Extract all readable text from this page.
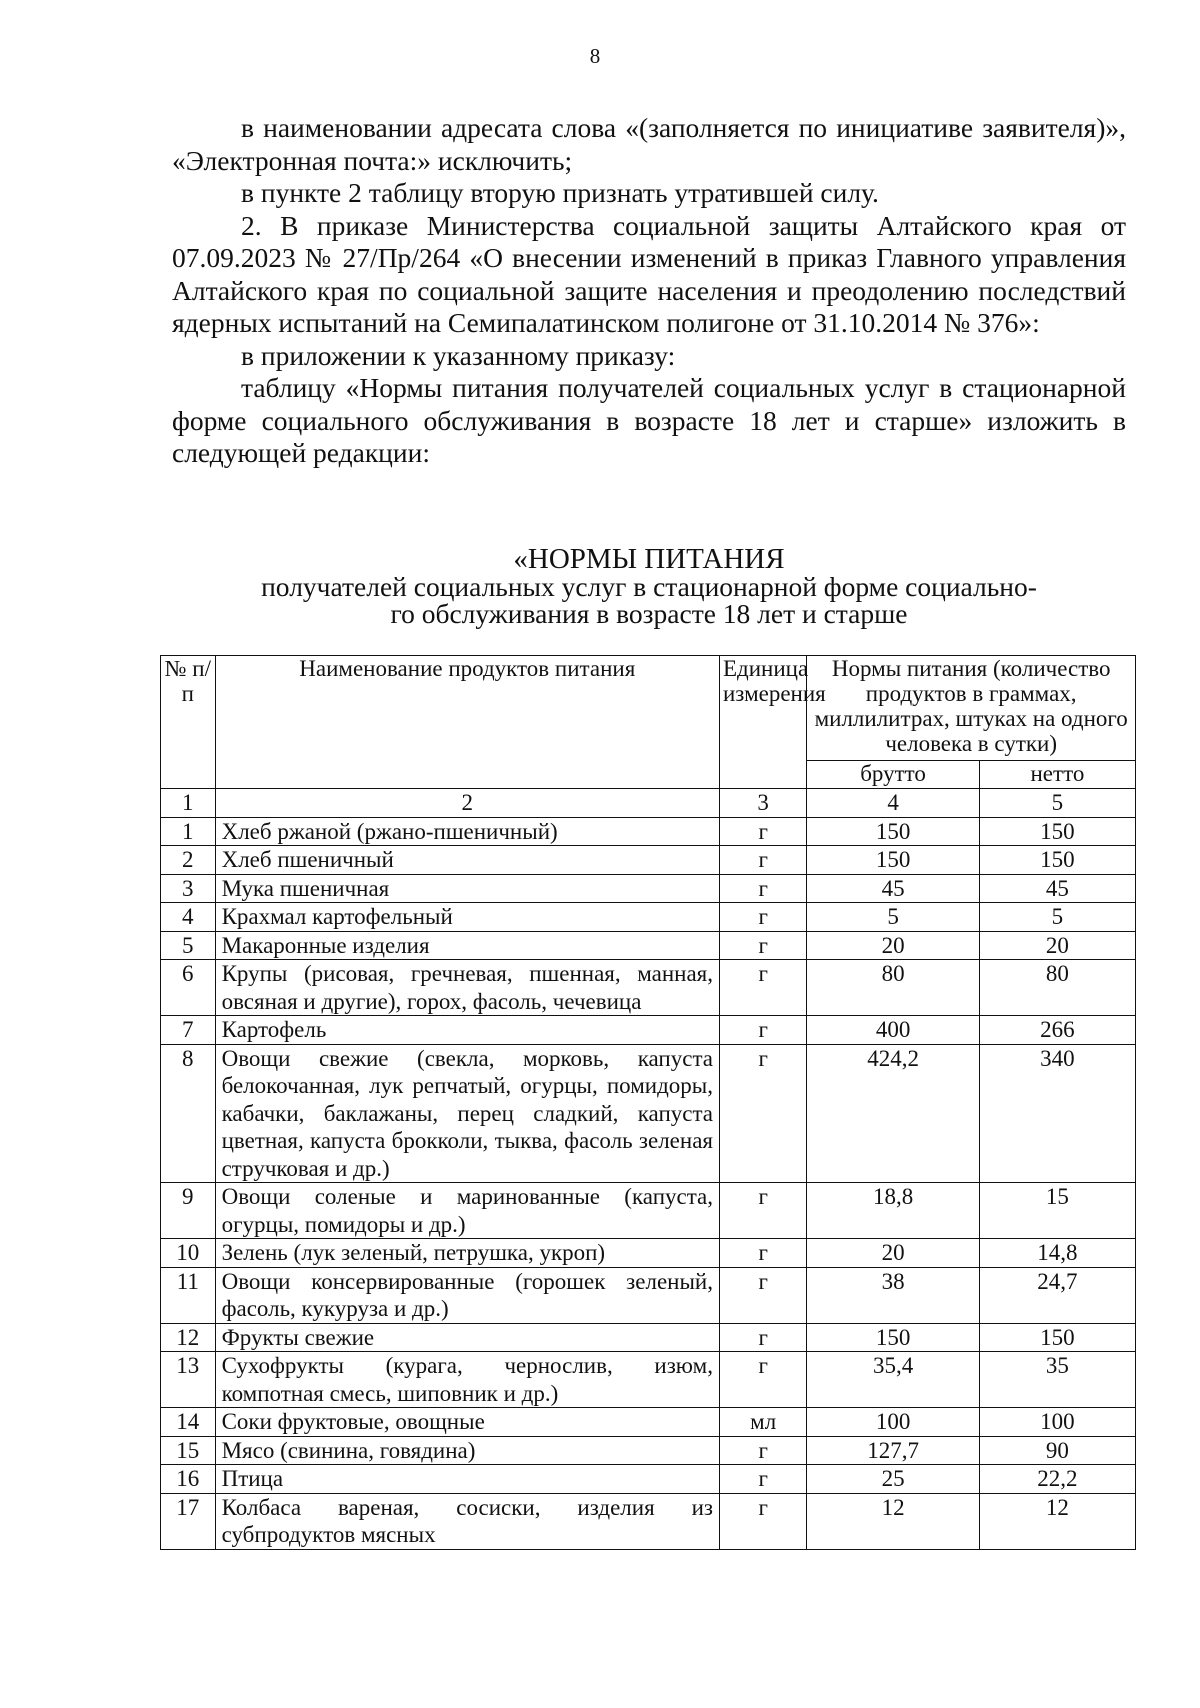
8

в наименовании адресата слова «(заполняется по инициативе заявителя)», «Электронная почта:» исключить;

в пункте 2 таблицу вторую признать утратившей силу.

2. В приказе Министерства социальной защиты Алтайского края от 07.09.2023 № 27/Пр/264 «О внесении изменений в приказ Главного управления Алтайского края по социальной защите населения и преодолению последствий ядерных испытаний на Семипалатинском полигоне от 31.10.2014 № 376»:

в приложении к указанному приказу:

таблицу «Нормы питания получателей социальных услуг в стационарной форме социального обслуживания в возрасте 18 лет и старше» изложить в следующей редакции:

«НОРМЫ ПИТАНИЯ
получателей социальных услуг в стационарной форме социально-
го обслуживания в возрасте 18 лет и старше
№ п/п	Наименование продуктов питания	Единица измерения	Нормы питания (количество продуктов в граммах, миллилитрах, штуках на одного человека в сутки)	
			брутто	нетто
1	2	3	4	5
1	Хлеб ржаной (ржано-пшеничный)	г	150	150
2	Хлеб пшеничный	г	150	150
3	Мука пшеничная	г	45	45
4	Крахмал картофельный	г	5	5
5	Макаронные изделия	г	20	20
6	Крупы (рисовая, гречневая, пшенная, манная, овсяная и другие), горох, фасоль, чечевица	г	80	80
7	Картофель	г	400	266
8	Овощи свежие (свекла, морковь, капуста белокочанная, лук репчатый, огурцы, помидоры, кабачки, баклажаны, перец сладкий, капуста цветная, капуста брокколи, тыква, фасоль зеленая стручковая и др.)	г	424,2	340
9	Овощи соленые и маринованные (капуста, огурцы, помидоры и др.)	г	18,8	15
10	Зелень (лук зеленый, петрушка, укроп)	г	20	14,8
11	Овощи консервированные (горошек зеленый, фасоль, кукуруза и др.)	г	38	24,7
12	Фрукты свежие	г	150	150
13	Сухофрукты (курага, чернослив, изюм, компотная смесь, шиповник и др.)	г	35,4	35
14	Соки фруктовые, овощные	мл	100	100
15	Мясо (свинина, говядина)	г	127,7	90
16	Птица	г	25	22,2
17	Колбаса вареная, сосиски, изделия из субпродуктов мясных	г	12	12
